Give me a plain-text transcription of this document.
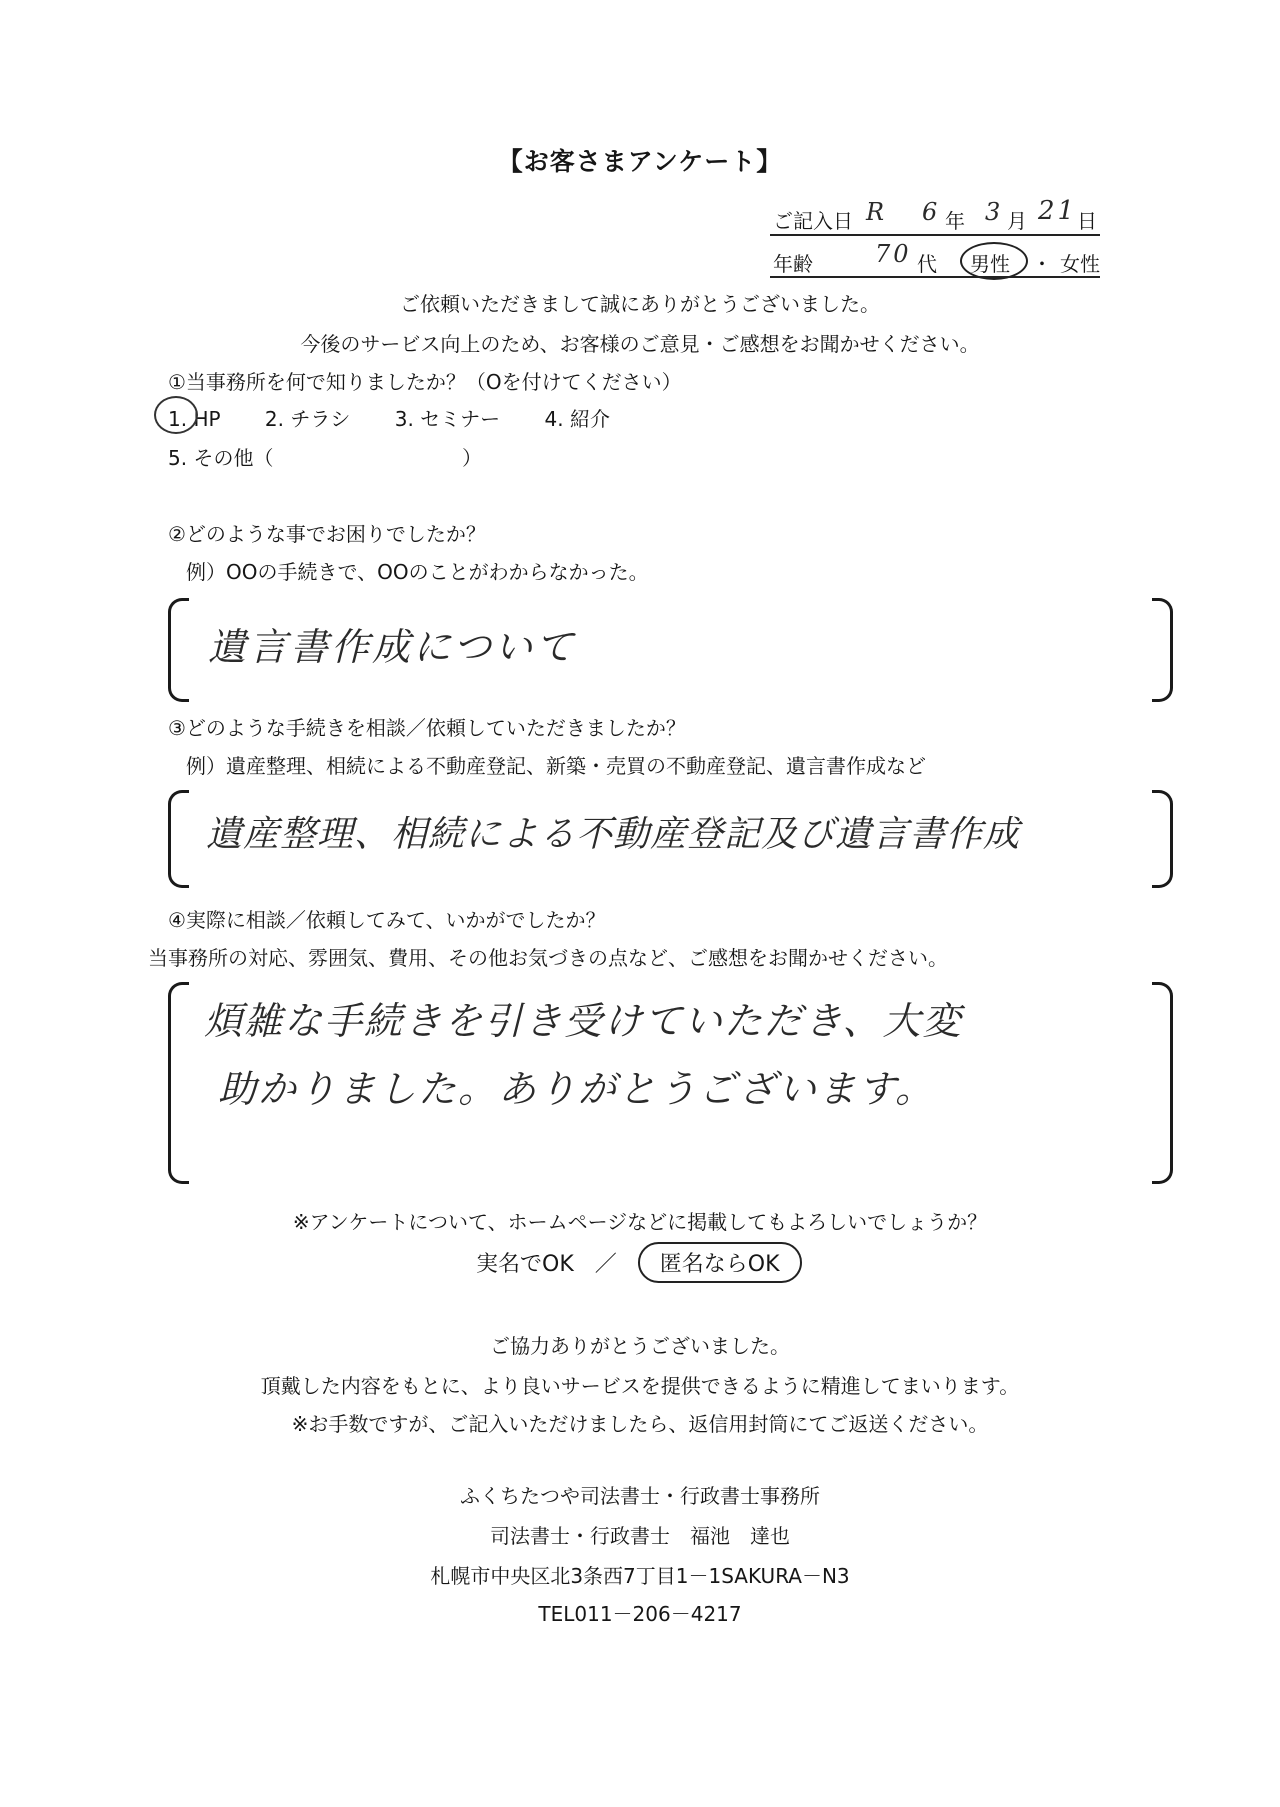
【お客さまアンケート】
ご記入日 R 6 年 3 月 21 日
年齢	70 代 男性 ・ 女性
ご依頼いただきまして誠にありがとうございました。
今後のサービス向上のため、お客様のご意見・ご感想をお聞かせください。
①当事務所を何で知りましたか？（Oを付けてください）
1. HP 2. チラシ 3. セミナー 4. 紹介
5. その他（	）
②どのような事でお困りでしたか？
例）OOの手続きで、OOのことがわからなかった。
遺言書作成について
③どのような手続きを相談／依頼していただきましたか？
例）遺産整理、相続による不動産登記、新築・売買の不動産登記、遺言書作成など
遺産整理、相続による不動産登記及び遺言書作成
④実際に相談／依頼してみて、いかがでしたか？
当事務所の対応、雰囲気、費用、その他お気づきの点など、ご感想をお聞かせください。
煩雑な手続きを引き受けていただき、大変
助かりました。ありがとうございます。
※アンケートについて、ホームページなどに掲載してもよろしいでしょうか？
実名でOK ／ 匿名ならOK
ご協力ありがとうございました。
頂戴した内容をもとに、より良いサービスを提供できるように精進してまいります。
※お手数ですが、ご記入いただけましたら、返信用封筒にてご返送ください。
ふくちたつや司法書士・行政書士事務所
司法書士・行政書士　福池　達也
札幌市中央区北3条西7丁目1－1SAKURA－N3
TEL011－206－4217
